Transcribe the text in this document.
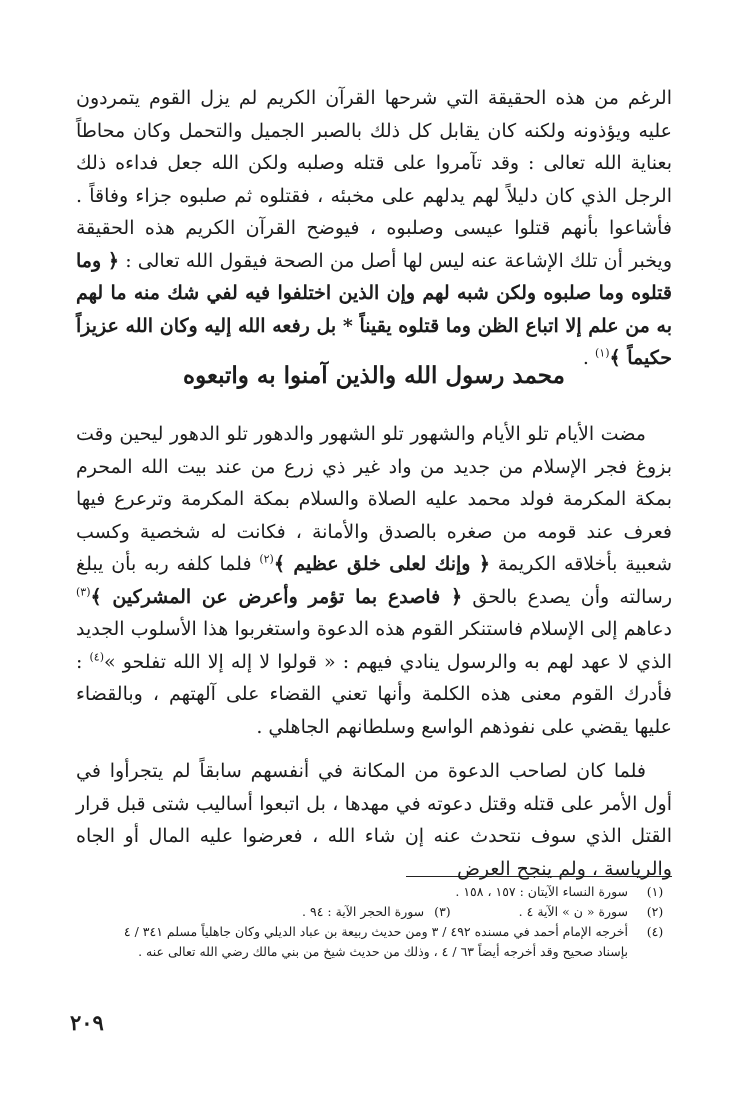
الرغم من هذه الحقيقة التي شرحها القرآن الكريم لم يزل القوم يتمردون عليه ويؤذونه ولكنه كان يقابل كل ذلك بالصبر الجميل والتحمل وكان محاطاً بعناية الله تعالى : وقد تآمروا على قتله وصلبه ولكن الله جعل فداءه ذلك الرجل الذي كان دليلاً لهم يدلهم على مخبئه ، فقتلوه ثم صلبوه جزاء وفاقاً . فأشاعوا بأنهم قتلوا عيسى وصلبوه ، فيوضح القرآن الكريم هذه الحقيقة ويخبر أن تلك الإشاعة عنه ليس لها أصل من الصحة فيقول الله تعالى : ﴿ وما قتلوه وما صلبوه ولكن شبه لهم وإن الذين اختلفوا فيه لفي شك منه ما لهم به من علم إلا اتباع الظن وما قتلوه يقيناً * بل رفعه الله إليه وكان الله عزيزاً حكيماً ﴾$^{(١)}$ .

محمد رسول الله والذين آمنوا به واتبعوه

مضت الأيام تلو الأيام والشهور تلو الشهور والدهور تلو الدهور ليحين وقت بزوغ فجر الإسلام من جديد من واد غير ذي زرع من عند بيت الله المحرم بمكة المكرمة فولد محمد عليه الصلاة والسلام بمكة المكرمة وترعرع فيها فعرف عند قومه من صغره بالصدق والأمانة ، فكانت له شخصية وكسب شعبية بأخلاقه الكريمة ﴿ وإنك لعلى خلق عظيم ﴾$^{(٢)}$ فلما كلفه ربه بأن يبلغ رسالته وأن يصدع بالحق ﴿ فاصدع بما تؤمر وأعرض عن المشركين ﴾$^{(٣)}$ دعاهم إلى الإسلام فاستنكر القوم هذه الدعوة واستغربوا هذا الأسلوب الجديد الذي لا عهد لهم به والرسول ينادي فيهم : « قولوا لا إله إلا الله تفلحو »$^{(٤)}$ : فأدرك القوم معنى هذه الكلمة وأنها تعني القضاء على آلهتهم ، وبالقضاء عليها يقضي على نفوذهم الواسع وسلطانهم الجاهلي .

فلما كان لصاحب الدعوة من المكانة في أنفسهم سابقاً لم يتجرأوا في أول الأمر على قتله وقتل دعوته في مهدها ، بل اتبعوا أساليب شتى قبل قرار القتل الذي سوف نتحدث عنه إن شاء الله ، فعرضوا عليه المال أو الجاه والرياسة ، ولم ينجح العرض

(١)
سورة النساء الآيتان : ١٥٧ ، ١٥٨ .
(٢)
سورة « ن » الآية ٤ .
(٣)
سورة الحجر الآية : ٩٤ .
(٤)
أخرجه الإمام أحمد في مسنده ٤٩٢ / ٣ ومن حديث ربيعة بن عباد الديلي وكان جاهلياً مسلم ٣٤١ / ٤
بإسناد صحيح وقد أخرجه أيضاً ٦٣ / ٤ ، وذلك من حديث شيخ من بني مالك رضي الله تعالى عنه .
٢٠٩
